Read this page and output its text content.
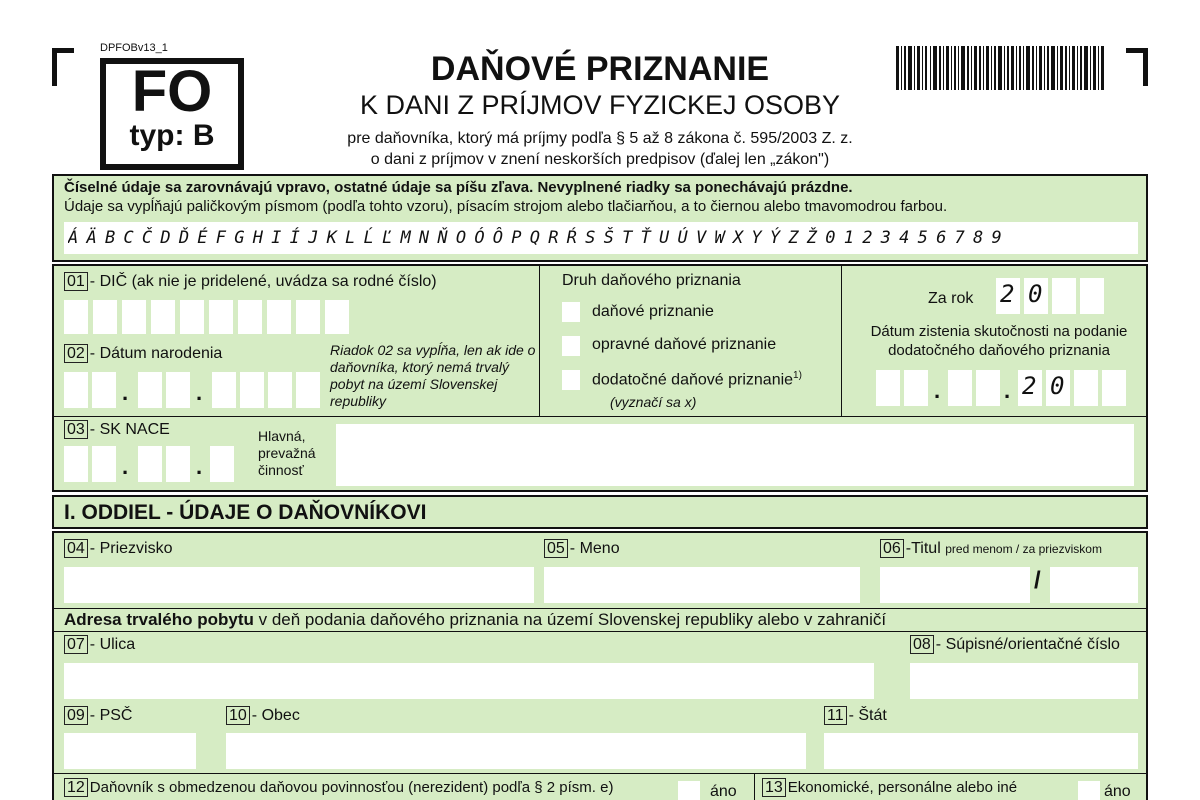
DPFOBv13_1
FO
typ: B
DAŇOVÉ PRIZNANIE
K DANI Z PRÍJMOV FYZICKEJ OSOBY
pre daňovníka, ktorý má príjmy podľa § 5 až 8 zákona č. 595/2003 Z. z.
o dani z príjmov v znení neskorších predpisov (ďalej len „zákon")
Číselné údaje sa zarovnávajú vpravo, ostatné údaje sa píšu zľava. Nevyplnené riadky sa ponechávajú prázdne.
Údaje sa vypĺňajú paličkovým písmom (podľa tohto vzoru), písacím strojom alebo tlačiarňou, a to čiernou alebo tmavomodrou farbou.
Á Ä B C Č D Ď É F G H I Í J K L Ĺ Ľ M N Ň O Ó Ô P Q R Ŕ S Š T Ť U Ú V W X Y Ý Z Ž 0 1 2 3 4 5 6 7 8 9
01 - DIČ (ak nie je pridelené, uvádza sa rodné číslo)
02 - Dátum narodenia
.	.
Riadok 02 sa vypĺňa, len ak ide o daňovníka, ktorý nemá trvalý pobyt na území Slovenskej republiky
Druh daňového priznania
daňové priznanie
opravné daňové priznanie
dodatočné daňové priznanie$^{1)}$
(vyznačí sa x)
Za rok 2 0
Dátum zistenia skutočnosti na podanie dodatočného daňového priznania
.	. 2 0
03 - SK NACE
.	.
Hlavná, prevažná činnosť
I. ODDIEL - ÚDAJE O DAŇOVNÍKOVI
04 - Priezvisko	05 - Meno	06 -Titul pred menom / za priezviskom
/
Adresa trvalého pobytu v deň podania daňového priznania na území Slovenskej republiky alebo v zahraničí
07 - Ulica	08 - Súpisné/orientačné číslo
09 - PSČ	10 - Obec	11 - Štát
12 Daňovník s obmedzenou daňovou povinnosťou (nerezident) podľa § 2 písm. e)	áno 13 Ekonomické, personálne alebo iné	áno
